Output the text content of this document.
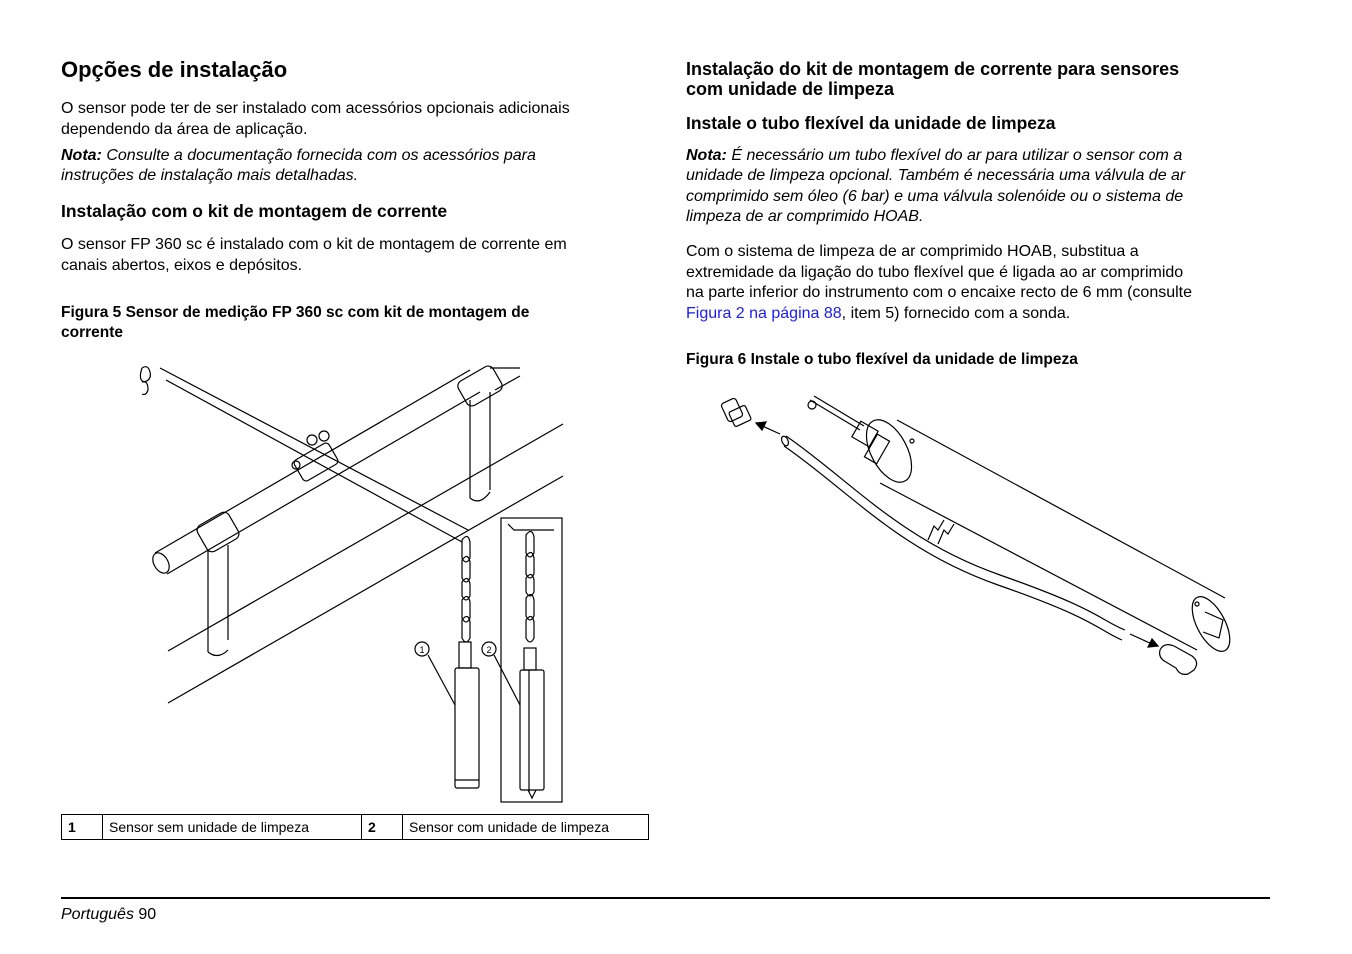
Opções de instalação

O sensor pode ter de ser instalado com acessórios opcionais adicionais

dependendo da área de aplicação.

Nota: Consulte a documentação fornecida com os acessórios para

instruções de instalação mais detalhadas.

Instalação com o kit de montagem de corrente

O sensor FP 360 sc é instalado com o kit de montagem de corrente em

canais abertos, eixos e depósitos.

Figura 5 Sensor de medição FP 360 sc com kit de montagem de

corrente

1	2
1	Sensor sem unidade de limpeza	2	Sensor com unidade de limpeza

Instalação do kit de montagem de corrente para sensores

com unidade de limpeza

Instale o tubo flexível da unidade de limpeza

Nota: É necessário um tubo flexível do ar para utilizar o sensor com a

unidade de limpeza opcional. Também é necessária uma válvula de ar

comprimido sem óleo (6 bar) e uma válvula solenóide ou o sistema de

limpeza de ar comprimido HOAB.

Com o sistema de limpeza de ar comprimido HOAB, substitua a

extremidade da ligação do tubo flexível que é ligada ao ar comprimido

na parte inferior do instrumento com o encaixe recto de 6 mm (consulte

Figura 2 na página 88, item 5) fornecido com a sonda.

Figura 6 Instale o tubo flexível da unidade de limpeza

Português 90
